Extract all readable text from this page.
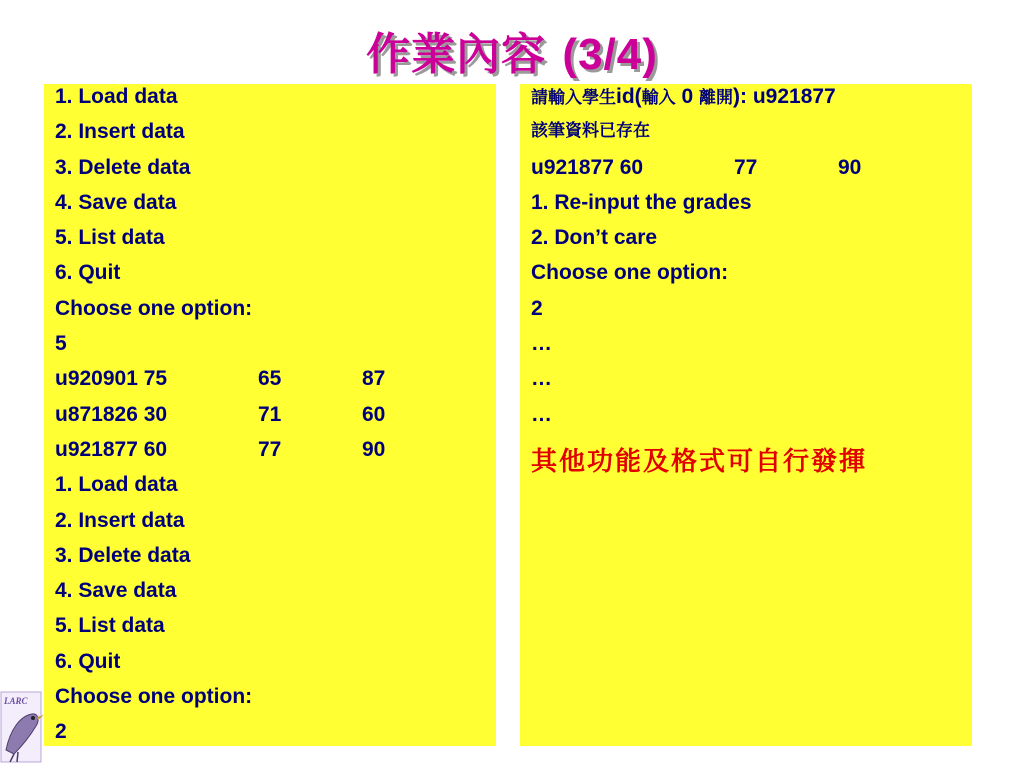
作業內容 (3/4)
1. Load data
2. Insert data
3. Delete data
4. Save data
5. List data
6. Quit
Choose one option:
5
u920901 75	65	87
u871826 30	71	60
u921877 60	77	90
1. Load data
2. Insert data
3. Delete data
4. Save data
5. List data
6. Quit
Choose one option:
2
請輸入學生id(輸入 0 離開): u921877
該筆資料已存在
u921877 60	77	90
1. Re-input the grades
2. Don’t care
Choose one option:
2
…
…
…
其他功能及格式可自行發揮
LARC
